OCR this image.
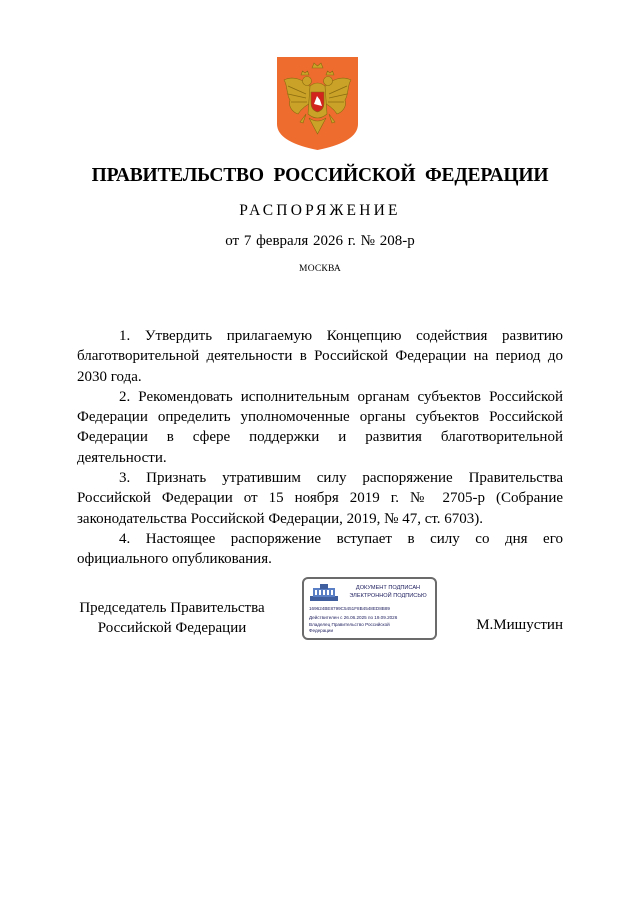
ПРАВИТЕЛЬСТВО РОССИЙСКОЙ ФЕДЕРАЦИИ
РАСПОРЯЖЕНИЕ
от 7 февраля 2026 г. № 208-р
МОСКВА

1. Утвердить прилагаемую Концепцию содействия развитию благотворительной деятельности в Российской Федерации на период до 2030 года.

2. Рекомендовать исполнительным органам субъектов Российской Федерации определить уполномоченные органы субъектов Российской Федерации в сфере поддержки и развития благотворительной деятельности.

3. Признать утратившим силу распоряжение Правительства Российской Федерации от 15 ноября 2019 г. № 2705-р (Собрание законодательства Российской Федерации, 2019, № 47, ст. 6703).

4. Настоящее распоряжение вступает в силу со дня его официального опубликования.

Председатель Правительства
Российской Федерации
ДОКУМЕНТ ПОДПИСАН
ЭЛЕКТРОННОЙ ПОДПИСЬЮ
169624BE8799C5451F8B4548ED8B89
Действителен с 26.06.2025 по 19.09.2026
Владелец Правительство Российской
Федерации	М.Мишустин
